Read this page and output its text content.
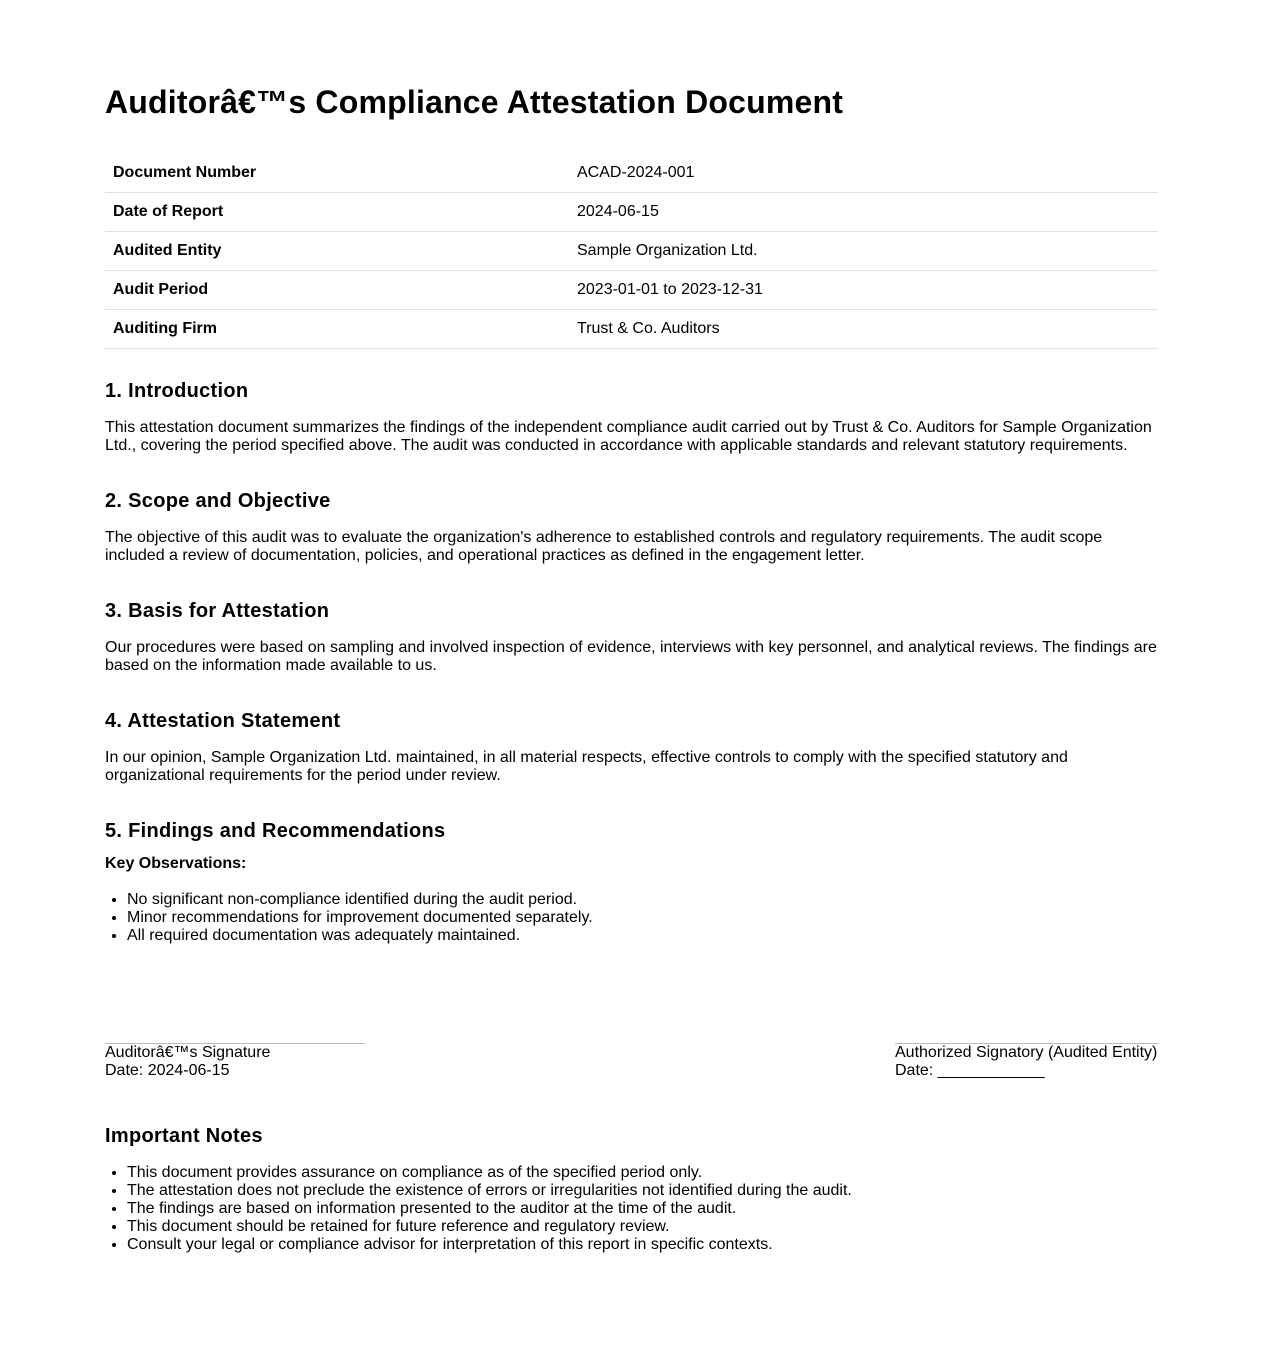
Auditorâ€™s Compliance Attestation Document
Document Number	ACAD-2024-001
Date of Report	2024-06-15
Audited Entity	Sample Organization Ltd.
Audit Period	2023-01-01 to 2023-12-31
Auditing Firm	Trust & Co. Auditors
1. Introduction

This attestation document summarizes the findings of the independent compliance audit carried out by Trust & Co. Auditors for Sample Organization Ltd., covering the period specified above. The audit was conducted in accordance with applicable standards and relevant statutory requirements.

2. Scope and Objective

The objective of this audit was to evaluate the organization's adherence to established controls and regulatory requirements. The audit scope included a review of documentation, policies, and operational practices as defined in the engagement letter.

3. Basis for Attestation

Our procedures were based on sampling and involved inspection of evidence, interviews with key personnel, and analytical reviews. The findings are based on the information made available to us.

4. Attestation Statement

In our opinion, Sample Organization Ltd. maintained, in all material respects, effective controls to comply with the specified statutory and organizational requirements for the period under review.

5. Findings and Recommendations
Key Observations:
• No significant non-compliance identified during the audit period.
• Minor recommendations for improvement documented separately.
• All required documentation was adequately maintained.
Auditorâ€™s Signature
Date: 2024-06-15
Authorized Signatory (Audited Entity)
Date: ____________
Important Notes
• This document provides assurance on compliance as of the specified period only.
• The attestation does not preclude the existence of errors or irregularities not identified during the audit.
• The findings are based on information presented to the auditor at the time of the audit.
• This document should be retained for future reference and regulatory review.
• Consult your legal or compliance advisor for interpretation of this report in specific contexts.
